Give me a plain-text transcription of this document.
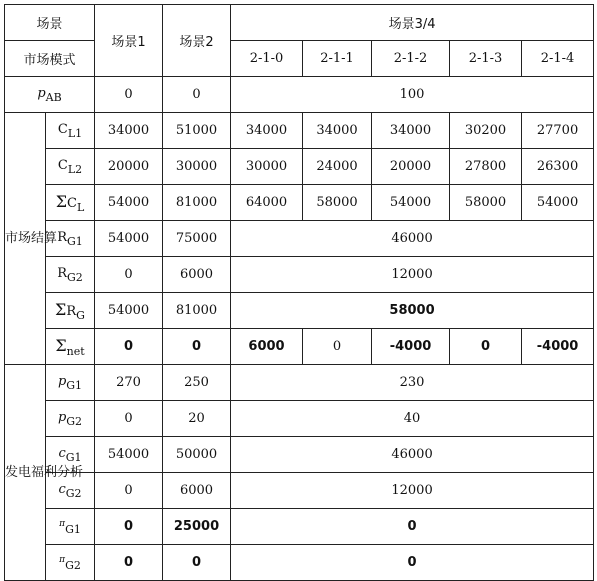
场景		场景1	场景2	场景3/4				
市场模式				2-1-0	2-1-1	2-1-2	2-1-3	2-1-4
$p_{AB}$		0	0	100				
市场结算	$C_{L1}$	34000	51000	34000	34000	34000	30200	27700
	$C_{L2}$	20000	30000	30000	24000	20000	27800	26300
	$\Sigma C_L$	54000	81000	64000	58000	54000	58000	54000
	$R_{G1}$	54000	75000	46000				
	$R_{G2}$	0	6000	12000				
	$\Sigma R_G$	54000	81000	58000				
	$\Sigma_{net}$	0	0	6000	0	-4000	0	-4000
发电福利分析	$p_{G1}$	270	250	230				
	$p_{G2}$	0	20	40				
	$c_{G1}$	54000	50000	46000				
	$c_{G2}$	0	6000	12000				
	$^\pi_{G1}$	0	25000	0				
	$^\pi_{G2}$	0	0	0				
